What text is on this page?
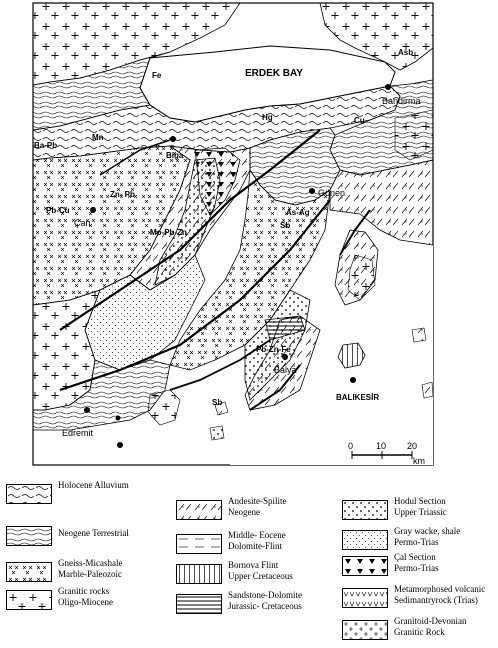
ERDEK BAY
Bandirma
Biga
Gönen
Çan
Balya
BALIKESİR
Edremit
Fe
Asb
Mn
Ba-Pb
Hg	Cu
Zn- Pb
Pb-Cu
Mo-Pb-Zn
As-Ag
Sb
Pb-Zn-Fe
Sb
0	10 20
km
Holocene Alluvium
Neogene Terrestrial
Gneiss-Micashale
Marble-Paleozoic
Granitic rocks
Oligo-Miocene
Andesite-Spilite
Neogene
Middle- Eocene
Dolomite-Flint
Bornova Flint
Upper Cretaceous
Sandstone-Dolomite
Jurassic- Cretaceous
Hodul Section
Upper Triassic
Gray wacke, shale
Permo-Trias
Çal Section
Permo-Trias
Metamorphosed volcanic
Sedimantryrock (Trias)
Granitoid-Devonian
Granitic Rock
